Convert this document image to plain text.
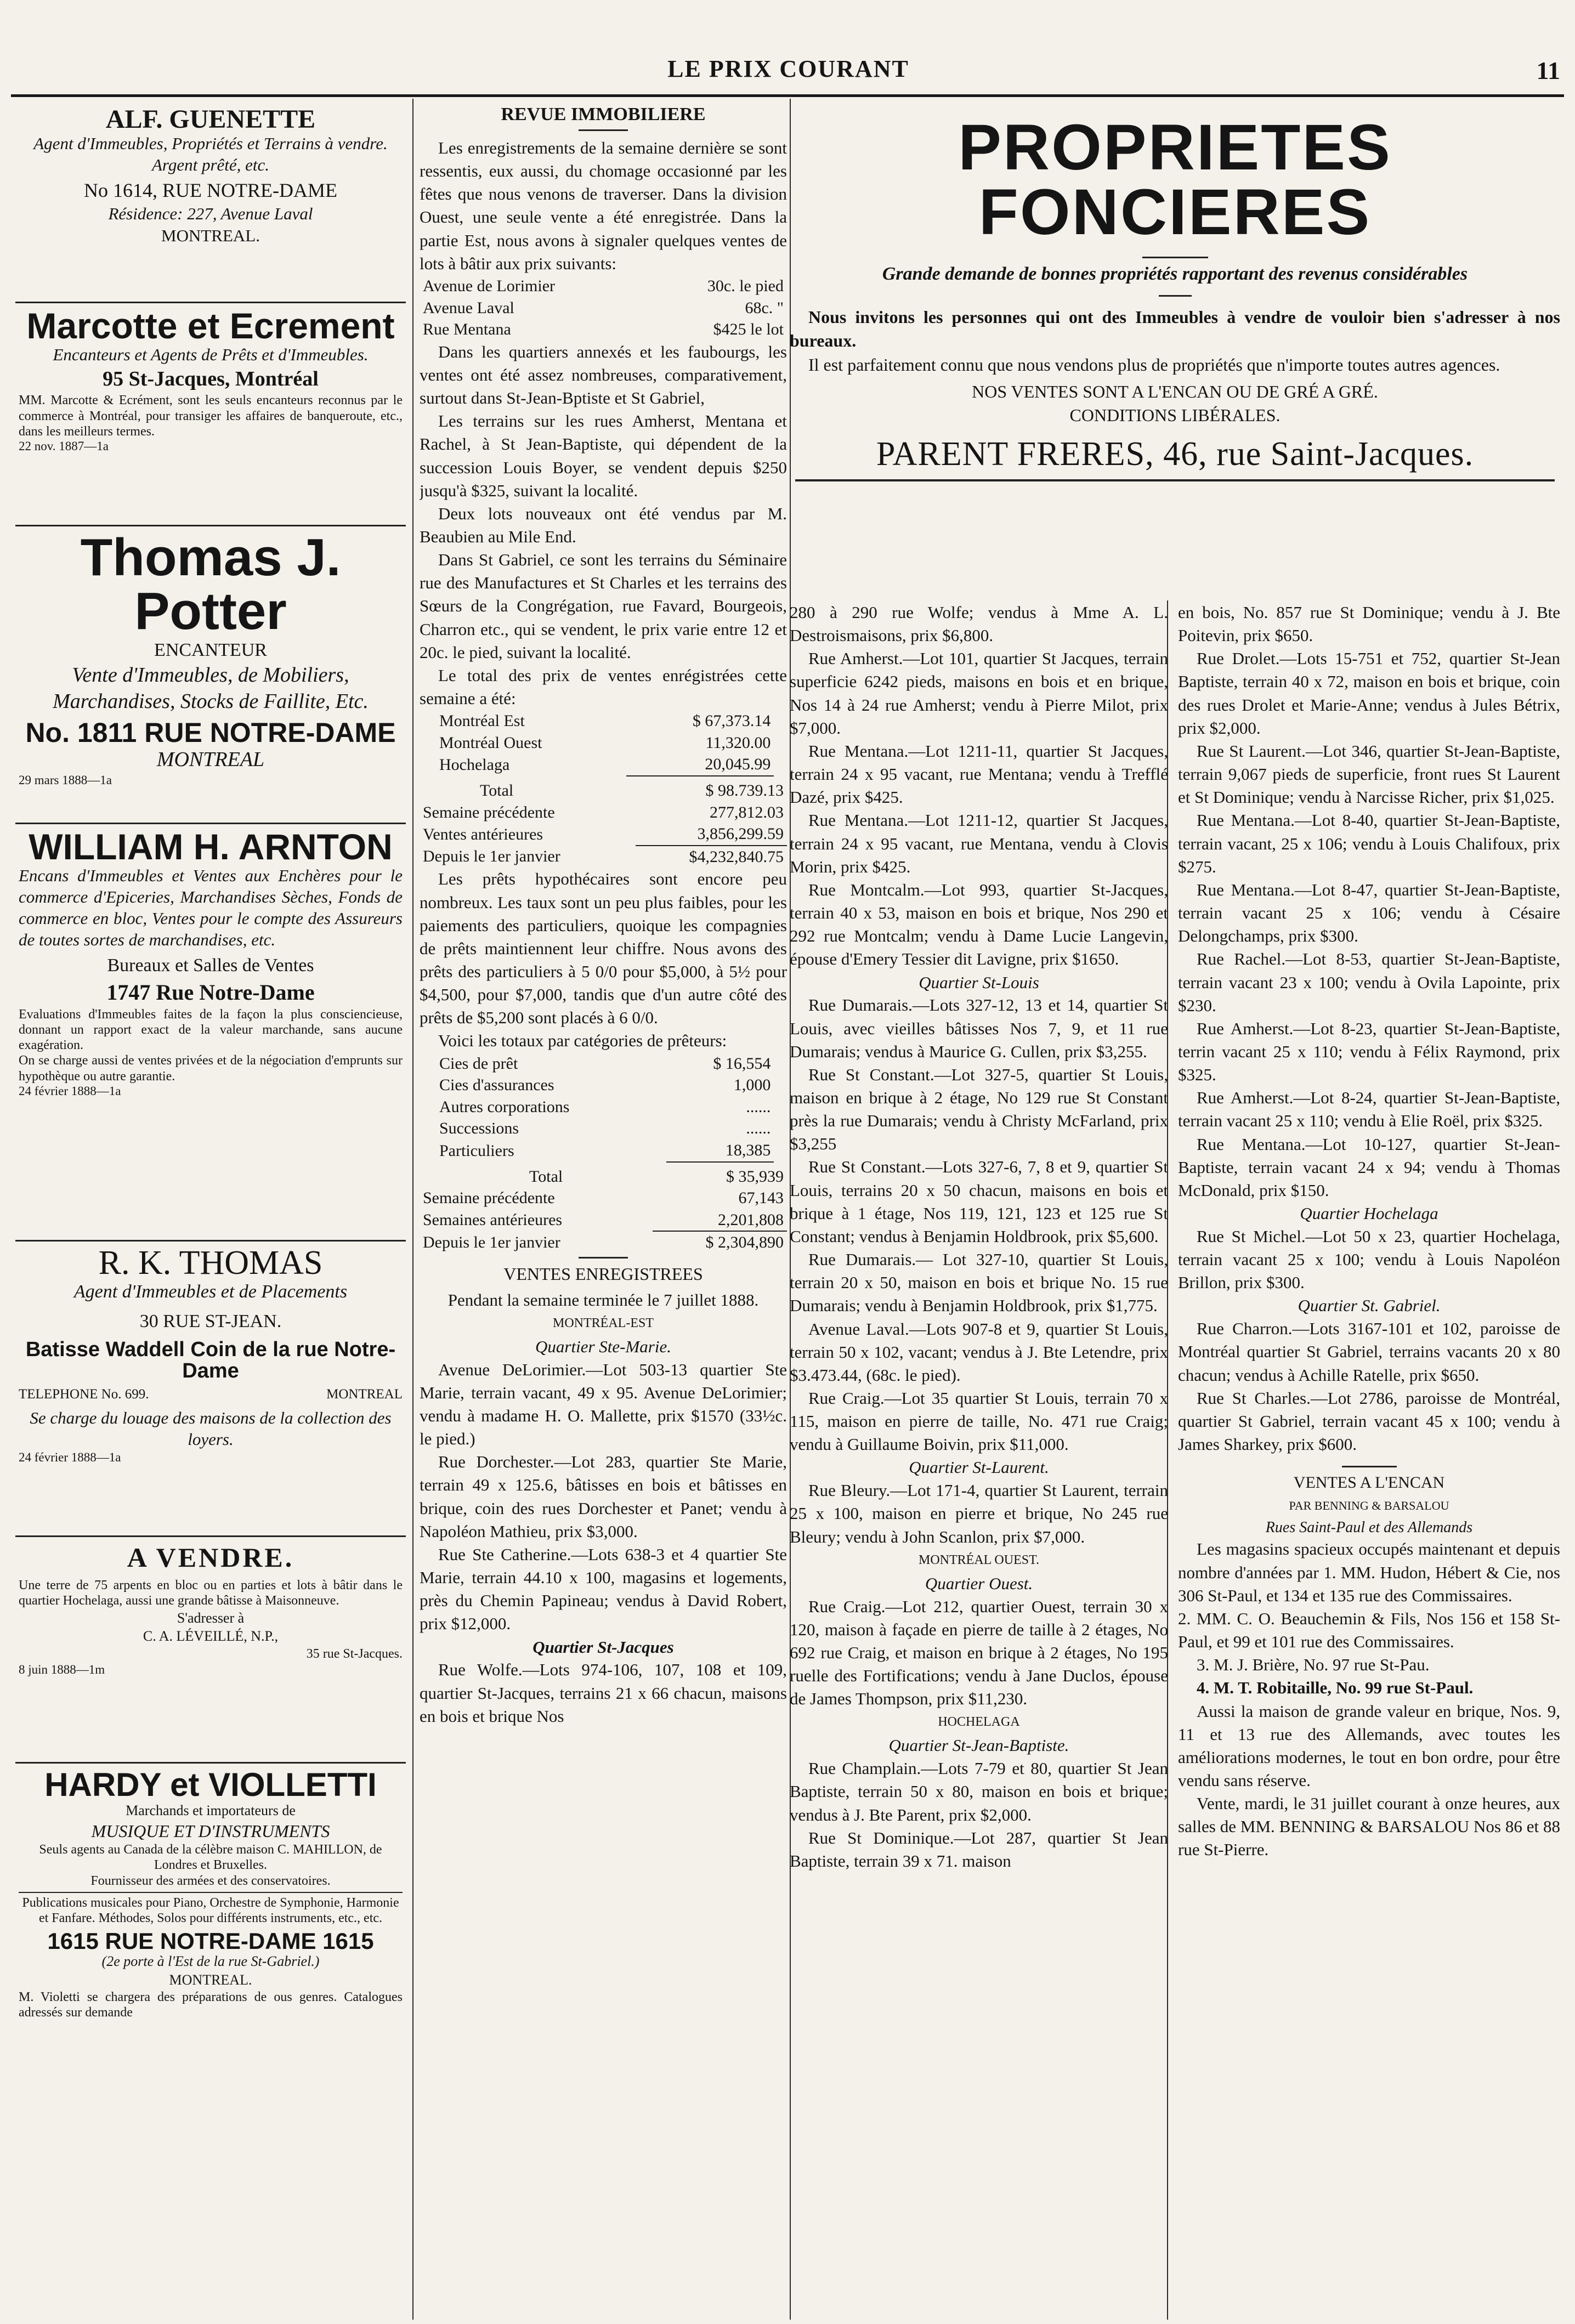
LE PRIX COURANT	11
ALF. GUENETTE
Agent d'Immeubles, Propriétés et Terrains à vendre. Argent prêté, etc.
No 1614, RUE NOTRE-DAME
Résidence: 227, Avenue Laval
MONTREAL.
Marcotte et Ecrement
Encanteurs et Agents de Prêts et d'Immeubles.
95 St-Jacques, Montréal
MM. Marcotte & Ecrément, sont les seuls encanteurs reconnus par le commerce à Montréal, pour transiger les affaires de banqueroute, etc., dans les meilleurs termes.
22 nov. 1887—1a
Thomas J. Potter
ENCANTEUR
Vente d'Immeubles, de Mobiliers, Marchandises, Stocks de Faillite, Etc.
No. 1811 RUE NOTRE-DAME
MONTREAL
29 mars 1888—1a
WILLIAM H. ARNTON
Encans d'Immeubles et Ventes aux Enchères pour le commerce d'Epiceries, Marchandises Sèches, Fonds de commerce en bloc, Ventes pour le compte des Assureurs de toutes sortes de marchandises, etc.
Bureaux et Salles de Ventes
1747 Rue Notre-Dame
Evaluations d'Immeubles faites de la façon la plus consciencieuse, donnant un rapport exact de la valeur marchande, sans aucune exagération.
On se charge aussi de ventes privées et de la négociation d'emprunts sur hypothèque ou autre garantie.
24 février 1888—1a
R. K. THOMAS
Agent d'Immeubles et de Placements
30 RUE ST-JEAN.
Batisse Waddell Coin de la rue Notre-Dame
TELEPHONE No. 699.	MONTREAL
Se charge du louage des maisons de la collection des loyers.
24 février 1888—1a
A VENDRE.
Une terre de 75 arpents en bloc ou en parties et lots à bâtir dans le quartier Hochelaga, aussi une grande bâtisse à Maisonneuve.
S'adresser à
C. A. LÉVEILLÉ, N.P.,
35 rue St-Jacques.
8 juin 1888—1m
HARDY et VIOLLETTI
Marchands et importateurs de
MUSIQUE ET D'INSTRUMENTS
Seuls agents au Canada de la célèbre maison C. MAHILLON, de Londres et Bruxelles.
Fournisseur des armées et des conservatoires.
Publications musicales pour Piano, Orchestre de Symphonie, Harmonie et Fanfare. Méthodes, Solos pour différents instruments, etc., etc.
1615 RUE NOTRE-DAME 1615
(2e porte à l'Est de la rue St-Gabriel.)
MONTREAL.
M. Violetti se chargera des préparations de ous genres. Catalogues adressés sur demande
REVUE IMMOBILIERE

Les enregistrements de la semaine dernière se sont ressentis, eux aussi, du chomage occasionné par les fêtes que nous venons de traverser. Dans la division Ouest, une seule vente a été enregistrée. Dans la partie Est, nous avons à signaler quelques ventes de lots à bâtir aux prix suivants:

Avenue de Lorimier	30c. le pied
Avenue Laval	68c. "
Rue Mentana	$425 le lot

Dans les quartiers annexés et les faubourgs, les ventes ont été assez nombreuses, comparativement, surtout dans St-Jean-Bptiste et St Gabriel,

Les terrains sur les rues Amherst, Mentana et Rachel, à St Jean-Baptiste, qui dépendent de la succession Louis Boyer, se vendent depuis $250 jusqu'à $325, suivant la localité.

Deux lots nouveaux ont été vendus par M. Beaubien au Mile End.

Dans St Gabriel, ce sont les terrains du Séminaire rue des Manufactures et St Charles et les terrains des Sœurs de la Congrégation, rue Favard, Bourgeois, Charron etc., qui se vendent, le prix varie entre 12 et 20c. le pied, suivant la localité.

Le total des prix de ventes enrégistrées cette semaine a été:

Montréal Est	$ 67,373.14
Montréal Ouest	11,320.00
Hochelaga	20,045.99
Total	$ 98.739.13
Semaine précédente	277,812.03
Ventes antérieures	3,856,299.59
Depuis le 1er janvier	$4,232,840.75

Les prêts hypothécaires sont encore peu nombreux. Les taux sont un peu plus faibles, pour les paiements des particuliers, quoique les compagnies de prêts maintiennent leur chiffre. Nous avons des prêts des particuliers à 5 0/0 pour $5,000, à 5½ pour $4,500, pour $7,000, tandis que d'un autre côté des prêts de $5,200 sont placés à 6 0/0.

Voici les totaux par catégories de prêteurs:

Cies de prêt	$ 16,554
Cies d'assurances	1,000
Autres corporations	......
Successions	......
Particuliers	18,385
Total	$ 35,939
Semaine précédente	67,143
Semaines antérieures	2,201,808
Depuis le 1er janvier	$ 2,304,890
VENTES ENREGISTREES
Pendant la semaine terminée le 7 juillet 1888.
MONTRÉAL-EST
Quartier Ste-Marie.

Avenue DeLorimier.—Lot 503-13 quartier Ste Marie, terrain vacant, 49 x 95. Avenue DeLorimier; vendu à madame H. O. Mallette, prix $1570 (33½c. le pied.)

Rue Dorchester.—Lot 283, quartier Ste Marie, terrain 49 x 125.6, bâtisses en bois et bâtisses en brique, coin des rues Dorchester et Panet; vendu à Napoléon Mathieu, prix $3,000.

Rue Ste Catherine.—Lots 638-3 et 4 quartier Ste Marie, terrain 44.10 x 100, magasins et logements, près du Chemin Papineau; vendus à David Robert, prix $12,000.

Quartier St-Jacques

Rue Wolfe.—Lots 974-106, 107, 108 et 109, quartier St-Jacques, terrains 21 x 66 chacun, maisons en bois et brique Nos

PROPRIETES FONCIERES
Grande demande de bonnes propriétés rapportant des revenus considérables

Nous invitons les personnes qui ont des Immeubles à vendre de vouloir bien s'adresser à nos bureaux.

Il est parfaitement connu que nous vendons plus de propriétés que n'importe toutes autres agences.

NOS VENTES SONT A L'ENCAN OU DE GRÉ A GRÉ.
CONDITIONS LIBÉRALES.
PARENT FRERES, 46, rue Saint-Jacques.

280 à 290 rue Wolfe; vendus à Mme A. L. Destroismaisons, prix $6,800.

Rue Amherst.—Lot 101, quartier St Jacques, terrain superficie 6242 pieds, maisons en bois et en brique, Nos 14 à 24 rue Amherst; vendu à Pierre Milot, prix $7,000.

Rue Mentana.—Lot 1211-11, quartier St Jacques, terrain 24 x 95 vacant, rue Mentana; vendu à Trefflé Dazé, prix $425.

Rue Mentana.—Lot 1211-12, quartier St Jacques, terrain 24 x 95 vacant, rue Mentana, vendu à Clovis Morin, prix $425.

Rue Montcalm.—Lot 993, quartier St-Jacques, terrain 40 x 53, maison en bois et brique, Nos 290 et 292 rue Montcalm; vendu à Dame Lucie Langevin, épouse d'Emery Tessier dit Lavigne, prix $1650.

Quartier St-Louis

Rue Dumarais.—Lots 327-12, 13 et 14, quartier St Louis, avec vieilles bâtisses Nos 7, 9, et 11 rue Dumarais; vendus à Maurice G. Cullen, prix $3,255.

Rue St Constant.—Lot 327-5, quartier St Louis, maison en brique à 2 étage, No 129 rue St Constant près la rue Dumarais; vendu à Christy McFarland, prix $3,255

Rue St Constant.—Lots 327-6, 7, 8 et 9, quartier St Louis, terrains 20 x 50 chacun, maisons en bois et brique à 1 étage, Nos 119, 121, 123 et 125 rue St Constant; vendus à Benjamin Holdbrook, prix $5,600.

Rue Dumarais.— Lot 327-10, quartier St Louis, terrain 20 x 50, maison en bois et brique No. 15 rue Dumarais; vendu à Benjamin Holdbrook, prix $1,775.

Avenue Laval.—Lots 907-8 et 9, quartier St Louis, terrain 50 x 102, vacant; vendus à J. Bte Letendre, prix $3.473.44, (68c. le pied).

Rue Craig.—Lot 35 quartier St Louis, terrain 70 x 115, maison en pierre de taille, No. 471 rue Craig; vendu à Guillaume Boivin, prix $11,000.

Quartier St-Laurent.

Rue Bleury.—Lot 171-4, quartier St Laurent, terrain 25 x 100, maison en pierre et brique, No 245 rue Bleury; vendu à John Scanlon, prix $7,000.

MONTRÉAL OUEST.
Quartier Ouest.

Rue Craig.—Lot 212, quartier Ouest, terrain 30 x 120, maison à façade en pierre de taille à 2 étages, No 692 rue Craig, et maison en brique à 2 étages, No 195 ruelle des Fortifications; vendu à Jane Duclos, épouse de James Thompson, prix $11,230.

HOCHELAGA
Quartier St-Jean-Baptiste.

Rue Champlain.—Lots 7-79 et 80, quartier St Jean Baptiste, terrain 50 x 80, maison en bois et brique; vendus à J. Bte Parent, prix $2,000.

Rue St Dominique.—Lot 287, quartier St Jean Baptiste, terrain 39 x 71. maison

en bois, No. 857 rue St Dominique; vendu à J. Bte Poitevin, prix $650.

Rue Drolet.—Lots 15-751 et 752, quartier St-Jean Baptiste, terrain 40 x 72, maison en bois et brique, coin des rues Drolet et Marie-Anne; vendus à Jules Bétrix, prix $2,000.

Rue St Laurent.—Lot 346, quartier St-Jean-Baptiste, terrain 9,067 pieds de superficie, front rues St Laurent et St Dominique; vendu à Narcisse Richer, prix $1,025.

Rue Mentana.—Lot 8-40, quartier St-Jean-Baptiste, terrain vacant, 25 x 106; vendu à Louis Chalifoux, prix $275.

Rue Mentana.—Lot 8-47, quartier St-Jean-Baptiste, terrain vacant 25 x 106; vendu à Césaire Delongchamps, prix $300.

Rue Rachel.—Lot 8-53, quartier St-Jean-Baptiste, terrain vacant 23 x 100; vendu à Ovila Lapointe, prix $230.

Rue Amherst.—Lot 8-23, quartier St-Jean-Baptiste, terrin vacant 25 x 110; vendu à Félix Raymond, prix $325.

Rue Amherst.—Lot 8-24, quartier St-Jean-Baptiste, terrain vacant 25 x 110; vendu à Elie Roël, prix $325.

Rue Mentana.—Lot 10-127, quartier St-Jean-Baptiste, terrain vacant 24 x 94; vendu à Thomas McDonald, prix $150.

Quartier Hochelaga

Rue St Michel.—Lot 50 x 23, quartier Hochelaga, terrain vacant 25 x 100; vendu à Louis Napoléon Brillon, prix $300.

Quartier St. Gabriel.

Rue Charron.—Lots 3167-101 et 102, paroisse de Montréal quartier St Gabriel, terrains vacants 20 x 80 chacun; vendus à Achille Ratelle, prix $650.

Rue St Charles.—Lot 2786, paroisse de Montréal, quartier St Gabriel, terrain vacant 45 x 100; vendu à James Sharkey, prix $600.

VENTES A L'ENCAN
PAR BENNING & BARSALOU
Rues Saint-Paul et des Allemands

Les magasins spacieux occupés maintenant et depuis nombre d'années par 1. MM. Hudon, Hébert & Cie, nos 306 St-Paul, et 134 et 135 rue des Commissaires.

2. MM. C. O. Beauchemin & Fils, Nos 156 et 158 St-Paul, et 99 et 101 rue des Commissaires.

3. M. J. Brière, No. 97 rue St-Pau.

4. M. T. Robitaille, No. 99 rue St-Paul.

Aussi la maison de grande valeur en brique, Nos. 9, 11 et 13 rue des Allemands, avec toutes les améliorations modernes, le tout en bon ordre, pour être vendu sans réserve.

Vente, mardi, le 31 juillet courant à onze heures, aux salles de MM. BENNING & BARSALOU Nos 86 et 88 rue St-Pierre.
